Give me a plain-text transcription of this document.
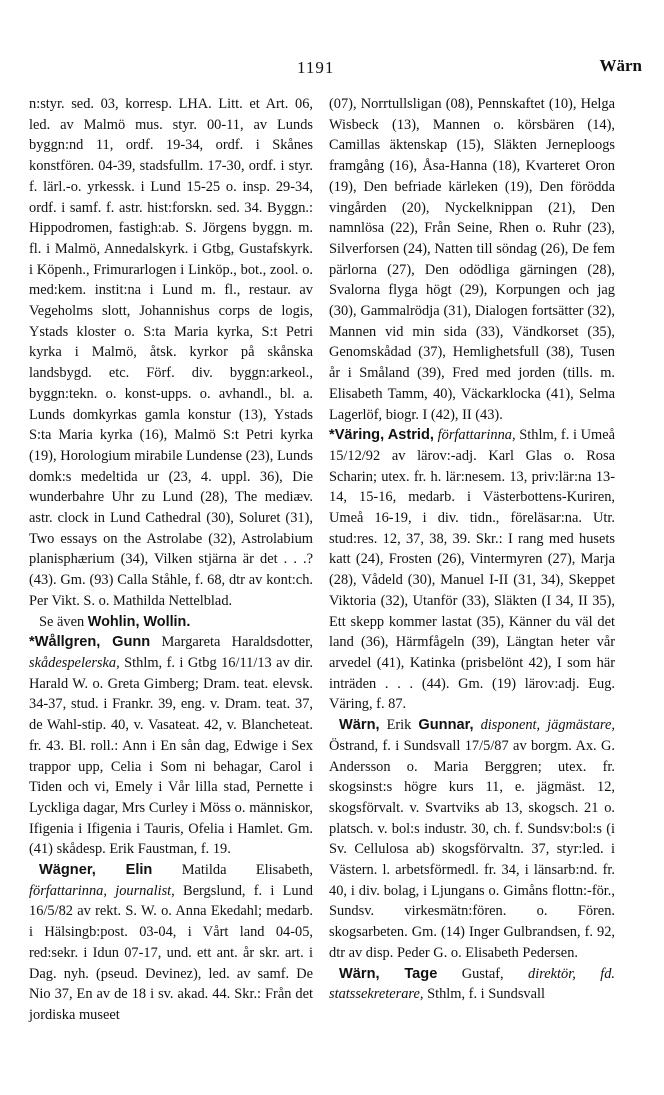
1191	Wärn

n:styr. sed. 03, korresp. LHA. Litt. et Art. 06, led. av Malmö mus. styr. 00-11, av Lunds byggn:nd 11, ordf. 19-34, ordf. i Skånes konstfören. 04-39, stadsfullm. 17-30, ordf. i styr. f. lärl.-o. yrkessk. i Lund 15-25 o. insp. 29-34, ordf. i samf. f. astr. hist:forskn. sed. 34. Byggn.: Hippodromen, fastigh:ab. S. Jörgens byggn. m. fl. i Malmö, Annedalskyrk. i Gtbg, Gustafskyrk. i Köpenh., Frimurarlogen i Linköp., bot., zool. o. med:kem. instit:na i Lund m. fl., restaur. av Vegeholms slott, Johannishus corps de logis, Ystads kloster o. S:ta Maria kyrka, S:t Petri kyrka i Malmö, åtsk. kyrkor på skånska landsbygd. etc. Förf. div. byggn:arkeol., byggn:tekn. o. konst-upps. o. avhandl., bl. a. Lunds domkyrkas gamla konstur (13), Ystads S:ta Maria kyrka (16), Malmö S:t Petri kyrka (19), Horologium mirabile Lundense (23), Lunds domk:s medeltida ur (23, 4. uppl. 36), Die wunderbahre Uhr zu Lund (28), The mediæv. astr. clock in Lund Cathedral (30), Soluret (31), Two essays on the Astrolabe (32), Astrolabium planisphærium (34), Vilken stjärna är det . . .? (43). Gm. (93) Calla Ståhle, f. 68, dtr av kont:ch. Per Vikt. S. o. Mathilda Nettelblad.

Se även Wohlin, Wollin.

*Wållgren, Gunn Margareta Haraldsdotter, skådespelerska, Sthlm, f. i Gtbg 16/11/13 av dir. Harald W. o. Greta Gimberg; Dram. teat. elevsk. 34-37, stud. i Frankr. 39, eng. v. Dram. teat. 37, de Wahl-stip. 40, v. Vasateat. 42, v. Blancheteat. fr. 43. Bl. roll.: Ann i En sån dag, Edwige i Sex trappor upp, Celia i Som ni behagar, Carol i Tiden och vi, Emely i Vår lilla stad, Pernette i Lyckliga dagar, Mrs Curley i Möss o. människor, Ifigenia i Ifigenia i Tauris, Ofelia i Hamlet. Gm. (41) skådesp. Erik Faustman, f. 19.

Wägner, Elin Matilda Elisabeth, författarinna, journalist, Bergslund, f. i Lund 16/5/82 av rekt. S. W. o. Anna Ekedahl; medarb. i Hälsingb:post. 03-04, i Vårt land 04-05, red:sekr. i Idun 07-17, und. ett ant. år skr. art. i Dag. nyh. (pseud. Devinez), led. av samf. De Nio 37, En av de 18 i sv. akad. 44. Skr.: Från det jordiska museet

(07), Norrtullsligan (08), Pennskaftet (10), Helga Wisbeck (13), Mannen o. körsbären (14), Camillas äktenskap (15), Släkten Jerneploogs framgång (16), Åsa-Hanna (18), Kvarteret Oron (19), Den befriade kärleken (19), Den förödda vingården (20), Nyckelknippan (21), Den namnlösa (22), Från Seine, Rhen o. Ruhr (23), Silverforsen (24), Natten till söndag (26), De fem pärlorna (27), Den odödliga gärningen (28), Svalorna flyga högt (29), Korpungen och jag (30), Gammalrödja (31), Dialogen fortsätter (32), Mannen vid min sida (33), Vändkorset (35), Genomskådad (37), Hemlighetsfull (38), Tusen år i Småland (39), Fred med jorden (tills. m. Elisabeth Tamm, 40), Väckarklocka (41), Selma Lagerlöf, biogr. I (42), II (43).

*Väring, Astrid, författarinna, Sthlm, f. i Umeå 15/12/92 av lärov:-adj. Karl Glas o. Rosa Scharin; utex. fr. h. lär:nesem. 13, priv:lär:na 13-14, 15-16, medarb. i Västerbottens-Kuriren, Umeå 16-19, i div. tidn., föreläsar:na. Utr. stud:res. 12, 37, 38, 39. Skr.: I rang med husets katt (24), Frosten (26), Vintermyren (27), Marja (28), Vådeld (30), Manuel I-II (31, 34), Skeppet Viktoria (32), Utanför (33), Släkten (I 34, II 35), Ett skepp kommer lastat (35), Känner du väl det land (36), Härmfågeln (39), Längtan heter vår arvedel (41), Katinka (prisbelönt 42), I som här inträden . . . (44). Gm. (19) lärov:adj. Eug. Väring, f. 87.

Wärn, Erik Gunnar, disponent, jägmästare, Östrand, f. i Sundsvall 17/5/87 av borgm. Ax. G. Andersson o. Maria Berggren; utex. fr. skogsinst:s högre kurs 11, e. jägmäst. 12, skogsförvalt. v. Svartviks ab 13, skogsch. 21 o. platsch. v. bol:s industr. 30, ch. f. Sundsv:bol:s (i Sv. Cellulosa ab) skogsförvaltn. 37, styr:led. i Västern. l. arbetsförmedl. fr. 34, i länsarb:nd. fr. 40, i div. bolag, i Ljungans o. Gimåns flottn:-för., Sundsv. virkesmätn:fören. o. Fören. skogsarbeten. Gm. (14) Inger Gulbrandsen, f. 92, dtr av disp. Peder G. o. Elisabeth Pedersen.

Wärn, Tage Gustaf, direktör, fd. statssekreterare, Sthlm, f. i Sundsvall
